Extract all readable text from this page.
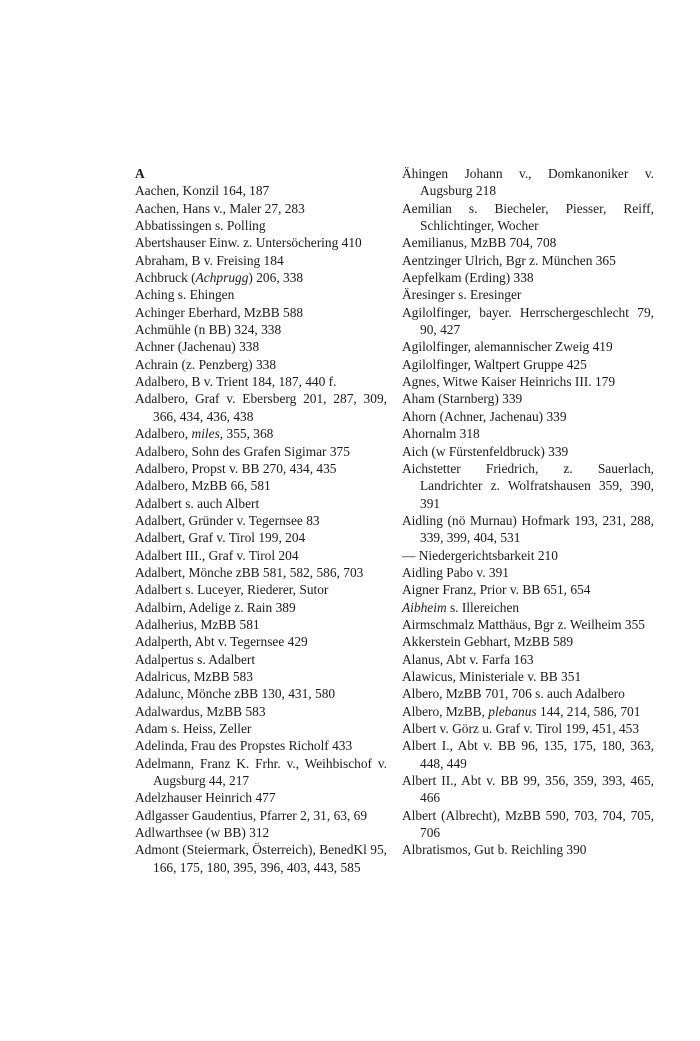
A
Aachen, Konzil 164, 187
Aachen, Hans v., Maler 27, 283
Abbatissingen s. Polling
Abertshauser Einw. z. Untersöchering 410
Abraham, B v. Freising 184
Achbruck (Achprugg) 206, 338
Aching s. Ehingen
Achinger Eberhard, MzBB 588
Achmühle (n BB) 324, 338
Achner (Jachenau) 338
Achrain (z. Penzberg) 338
Adalbero, B v. Trient 184, 187, 440 f.
Adalbero, Graf v. Ebersberg 201, 287, 309, 366, 434, 436, 438
Adalbero, miles, 355, 368
Adalbero, Sohn des Grafen Sigimar 375
Adalbero, Propst v. BB 270, 434, 435
Adalbero, MzBB 66, 581
Adalbert s. auch Albert
Adalbert, Gründer v. Tegernsee 83
Adalbert, Graf v. Tirol 199, 204
Adalbert III., Graf v. Tirol 204
Adalbert, Mönche zBB 581, 582, 586, 703
Adalbert s. Luceyer, Riederer, Sutor
Adalbirn, Adelige z. Rain 389
Adalherius, MzBB 581
Adalperth, Abt v. Tegernsee 429
Adalpertus s. Adalbert
Adalricus, MzBB 583
Adalunc, Mönche zBB 130, 431, 580
Adalwardus, MzBB 583
Adam s. Heiss, Zeller
Adelinda, Frau des Propstes Richolf 433
Adelmann, Franz K. Frhr. v., Weihbischof v. Augsburg 44, 217
Adelzhauser Heinrich 477
Adlgasser Gaudentius, Pfarrer 2, 31, 63, 69
Adlwarthsee (w BB) 312
Admont (Steiermark, Österreich), BenedKl 95, 166, 175, 180, 395, 396, 403, 443, 585
Ähingen Johann v., Domkanoniker v. Augsburg 218
Aemilian s. Biecheler, Piesser, Reiff, Schlichtinger, Wocher
Aemilianus, MzBB 704, 708
Aentzinger Ulrich, Bgr z. München 365
Aepfelkam (Erding) 338
Äresinger s. Eresinger
Agilolfinger, bayer. Herrschergeschlecht 79, 90, 427
Agilolfinger, alemannischer Zweig 419
Agilolfinger, Waltpert Gruppe 425
Agnes, Witwe Kaiser Heinrichs III. 179
Aham (Starnberg) 339
Ahorn (Achner, Jachenau) 339
Ahornalm 318
Aich (w Fürstenfeldbruck) 339
Aichstetter Friedrich, z. Sauerlach, Landrichter z. Wolfratshausen 359, 390, 391
Aidling (nö Murnau) Hofmark 193, 231, 288, 339, 399, 404, 531
— Niedergerichtsbarkeit 210
Aidling Pabo v. 391
Aigner Franz, Prior v. BB 651, 654
Aibheim s. Illereichen
Airmschmalz Matthäus, Bgr z. Weilheim 355
Akkerstein Gebhart, MzBB 589
Alanus, Abt v. Farfa 163
Alawicus, Ministeriale v. BB 351
Albero, MzBB 701, 706 s. auch Adalbero
Albero, MzBB, plebanus 144, 214, 586, 701
Albert v. Görz u. Graf v. Tirol 199, 451, 453
Albert I., Abt v. BB 96, 135, 175, 180, 363, 448, 449
Albert II., Abt v. BB 99, 356, 359, 393, 465, 466
Albert (Albrecht), MzBB 590, 703, 704, 705, 706
Albratismos, Gut b. Reichling 390
